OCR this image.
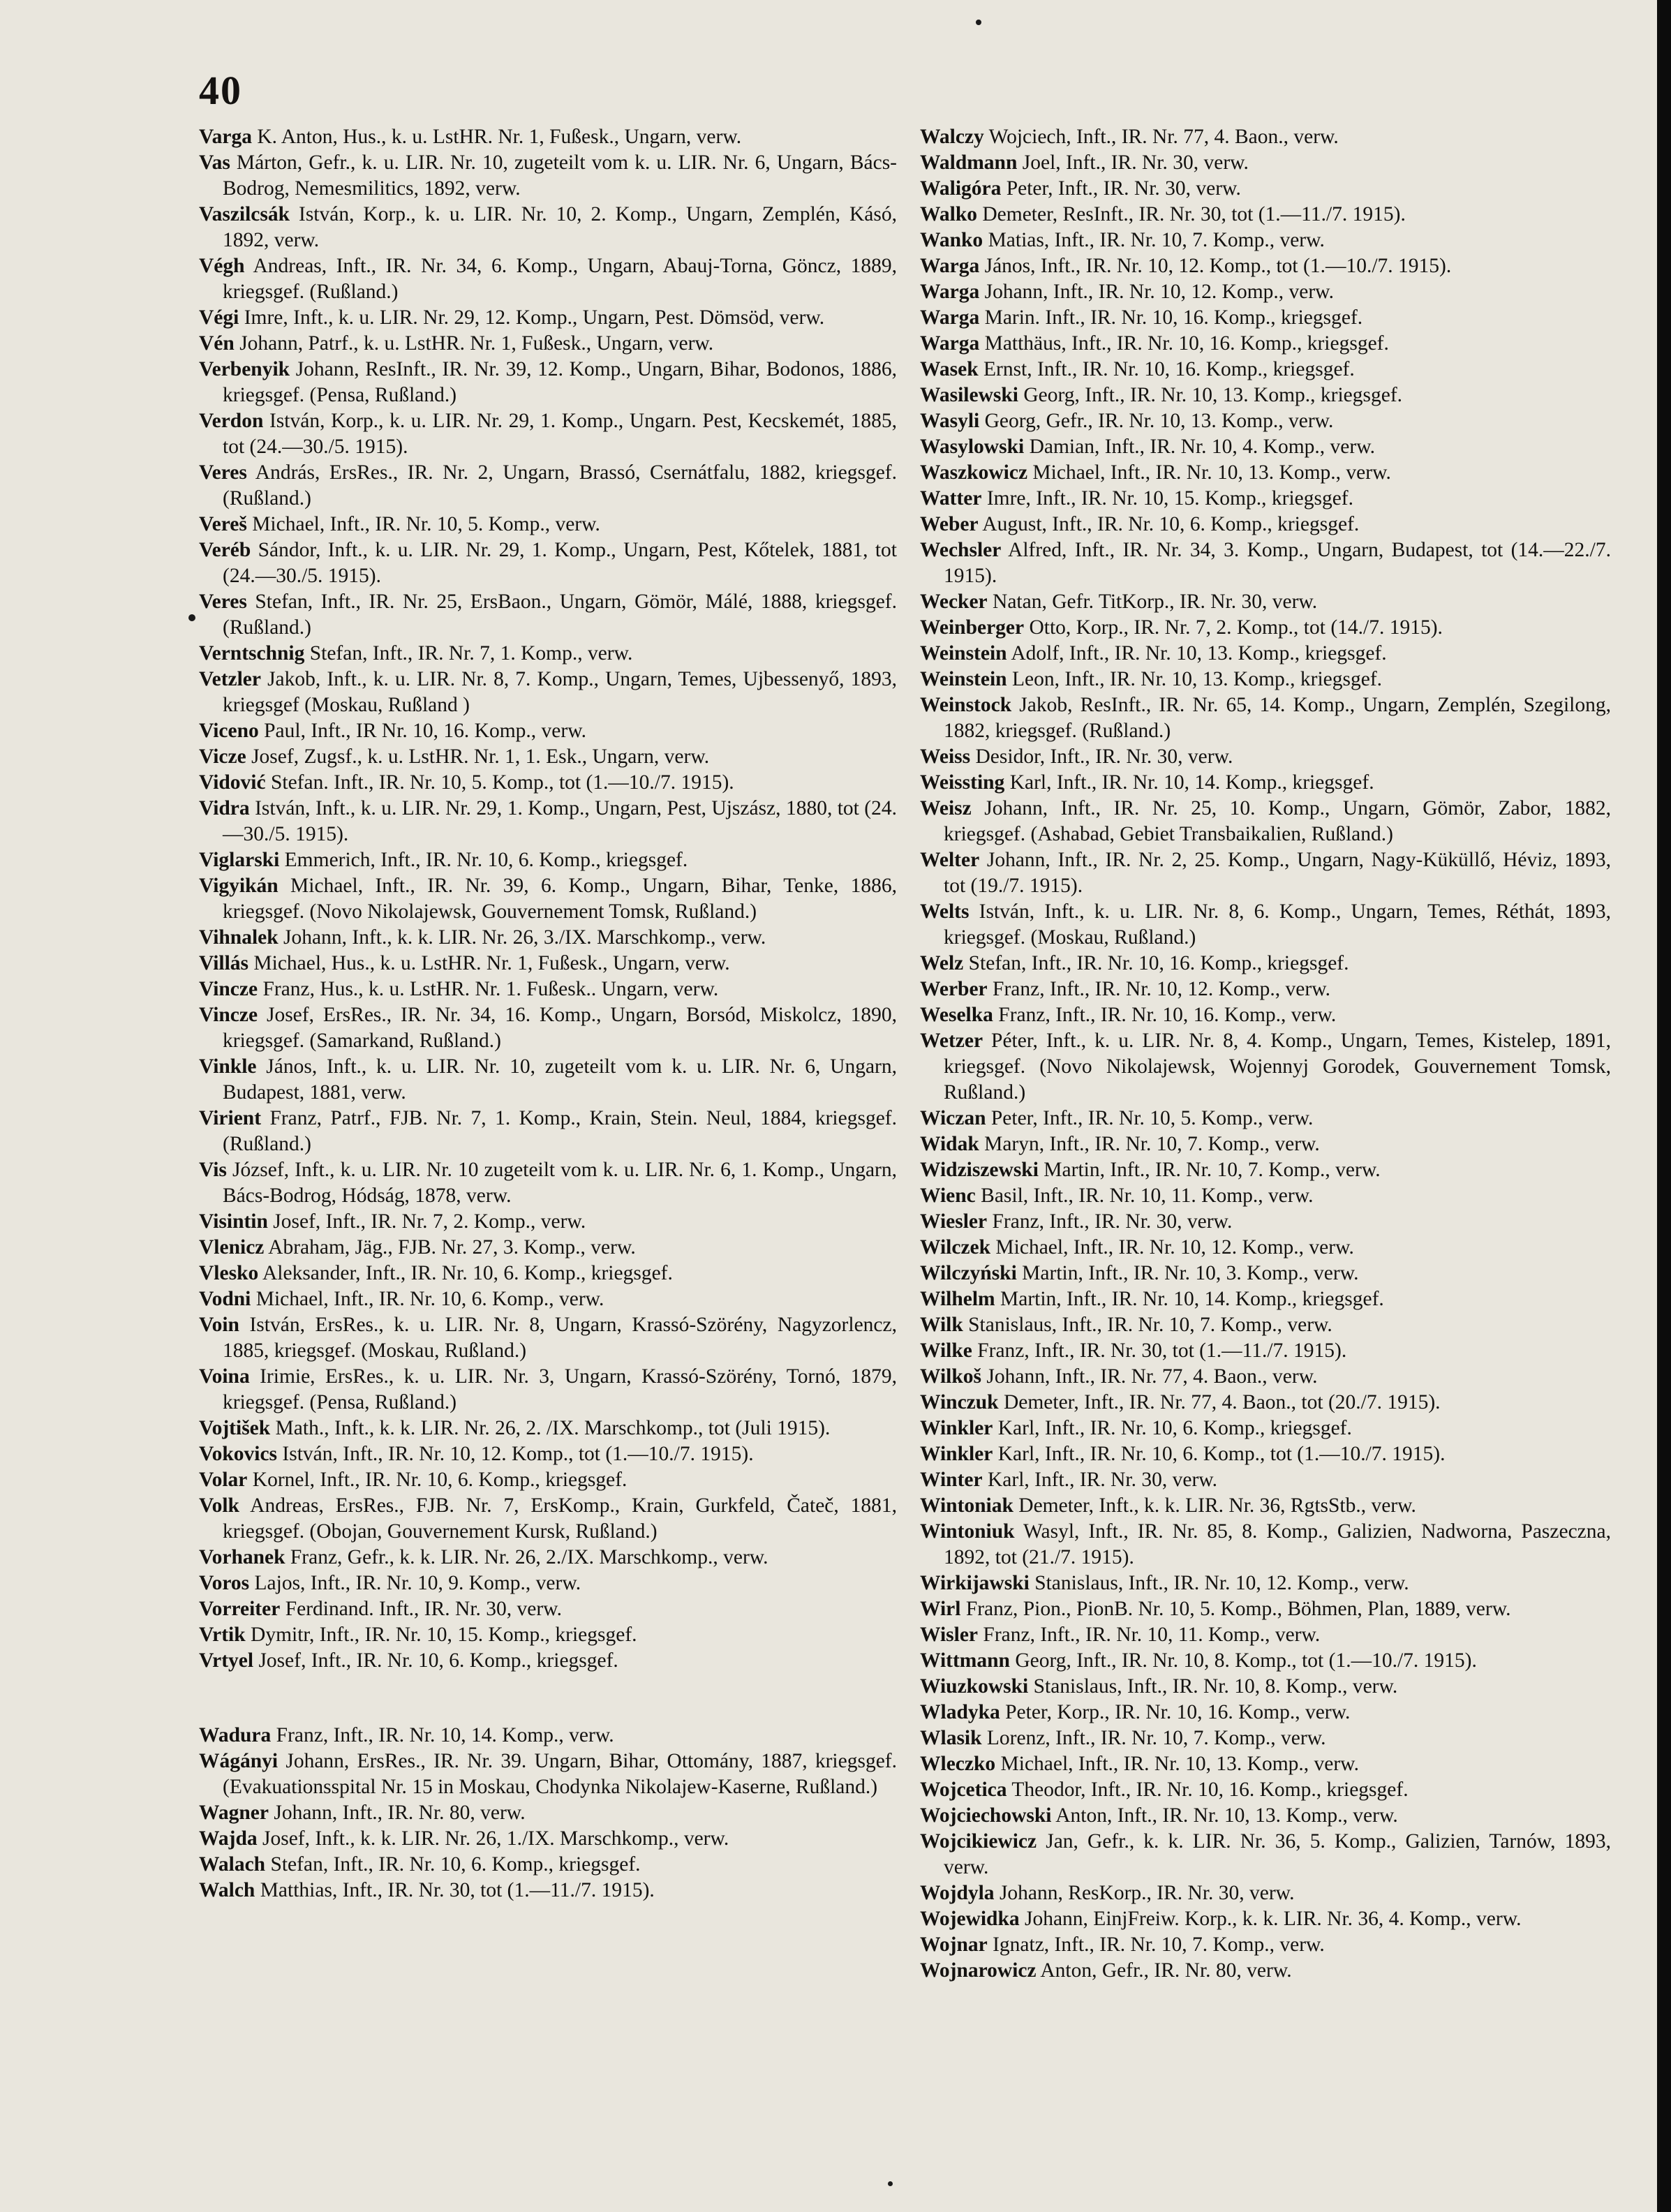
40
Varga K. Anton, Hus., k. u. LstHR. Nr. 1, Fußesk., Ungarn, verw.
Vas Márton, Gefr., k. u. LIR. Nr. 10, zugeteilt vom k. u. LIR. Nr. 6, Ungarn, Bács-Bodrog, Nemesmilitics, 1892, verw.
Vaszilcsák István, Korp., k. u. LIR. Nr. 10, 2. Komp., Ungarn, Zemplén, Kásó, 1892, verw.
Végh Andreas, Inft., IR. Nr. 34, 6. Komp., Ungarn, Abauj-Torna, Göncz, 1889, kriegsgef. (Rußland.)
Végi Imre, Inft., k. u. LIR. Nr. 29, 12. Komp., Ungarn, Pest. Dömsöd, verw.
Vén Johann, Patrf., k. u. LstHR. Nr. 1, Fußesk., Ungarn, verw.
Verbenyik Johann, ResInft., IR. Nr. 39, 12. Komp., Ungarn, Bihar, Bodonos, 1886, kriegsgef. (Pensa, Rußland.)
Verdon István, Korp., k. u. LIR. Nr. 29, 1. Komp., Ungarn. Pest, Kecskemét, 1885, tot (24.—30./5. 1915).
Veres András, ErsRes., IR. Nr. 2, Ungarn, Brassó, Csernátfalu, 1882, kriegsgef. (Rußland.)
Vereš Michael, Inft., IR. Nr. 10, 5. Komp., verw.
Veréb Sándor, Inft., k. u. LIR. Nr. 29, 1. Komp., Ungarn, Pest, Kőtelek, 1881, tot (24.—30./5. 1915).
Veres Stefan, Inft., IR. Nr. 25, ErsBaon., Ungarn, Gömör, Málé, 1888, kriegsgef. (Rußland.)
Verntschnig Stefan, Inft., IR. Nr. 7, 1. Komp., verw.
Vetzler Jakob, Inft., k. u. LIR. Nr. 8, 7. Komp., Ungarn, Temes, Ujbessenyő, 1893, kriegsgef (Moskau, Rußland )
Viceno Paul, Inft., IR Nr. 10, 16. Komp., verw.
Vicze Josef, Zugsf., k. u. LstHR. Nr. 1, 1. Esk., Ungarn, verw.
Vidović Stefan. Inft., IR. Nr. 10, 5. Komp., tot (1.—10./7. 1915).
Vidra István, Inft., k. u. LIR. Nr. 29, 1. Komp., Ungarn, Pest, Ujszász, 1880, tot (24.—30./5. 1915).
Viglarski Emmerich, Inft., IR. Nr. 10, 6. Komp., kriegsgef.
Vigyikán Michael, Inft., IR. Nr. 39, 6. Komp., Ungarn, Bihar, Tenke, 1886, kriegsgef. (Novo Nikolajewsk, Gouvernement Tomsk, Rußland.)
Vihnalek Johann, Inft., k. k. LIR. Nr. 26, 3./IX. Marschkomp., verw.
Villás Michael, Hus., k. u. LstHR. Nr. 1, Fußesk., Ungarn, verw.
Vincze Franz, Hus., k. u. LstHR. Nr. 1. Fußesk.. Ungarn, verw.
Vincze Josef, ErsRes., IR. Nr. 34, 16. Komp., Ungarn, Borsód, Miskolcz, 1890, kriegsgef. (Samarkand, Rußland.)
Vinkle János, Inft., k. u. LIR. Nr. 10, zugeteilt vom k. u. LIR. Nr. 6, Ungarn, Budapest, 1881, verw.
Virient Franz, Patrf., FJB. Nr. 7, 1. Komp., Krain, Stein. Neul, 1884, kriegsgef. (Rußland.)
Vis József, Inft., k. u. LIR. Nr. 10 zugeteilt vom k. u. LIR. Nr. 6, 1. Komp., Ungarn, Bács-Bodrog, Hódság, 1878, verw.
Visintin Josef, Inft., IR. Nr. 7, 2. Komp., verw.
Vlenicz Abraham, Jäg., FJB. Nr. 27, 3. Komp., verw.
Vlesko Aleksander, Inft., IR. Nr. 10, 6. Komp., kriegsgef.
Vodni Michael, Inft., IR. Nr. 10, 6. Komp., verw.
Voin István, ErsRes., k. u. LIR. Nr. 8, Ungarn, Krassó-Szörény, Nagyzorlencz, 1885, kriegsgef. (Moskau, Rußland.)
Voina Irimie, ErsRes., k. u. LIR. Nr. 3, Ungarn, Krassó-Szörény, Tornó, 1879, kriegsgef. (Pensa, Rußland.)
Vojtišek Math., Inft., k. k. LIR. Nr. 26, 2. /IX. Marschkomp., tot (Juli 1915).
Vokovics István, Inft., IR. Nr. 10, 12. Komp., tot (1.—10./7. 1915).
Volar Kornel, Inft., IR. Nr. 10, 6. Komp., kriegsgef.
Volk Andreas, ErsRes., FJB. Nr. 7, ErsKomp., Krain, Gurkfeld, Čateč, 1881, kriegsgef. (Obojan, Gouvernement Kursk, Rußland.)
Vorhanek Franz, Gefr., k. k. LIR. Nr. 26, 2./IX. Marschkomp., verw.
Voros Lajos, Inft., IR. Nr. 10, 9. Komp., verw.
Vorreiter Ferdinand. Inft., IR. Nr. 30, verw.
Vrtik Dymitr, Inft., IR. Nr. 10, 15. Komp., kriegsgef.
Vrtyel Josef, Inft., IR. Nr. 10, 6. Komp., kriegsgef.
Wadura Franz, Inft., IR. Nr. 10, 14. Komp., verw.
Wágányi Johann, ErsRes., IR. Nr. 39. Ungarn, Bihar, Ottomány, 1887, kriegsgef. (Evakuationsspital Nr. 15 in Moskau, Chodynka Nikolajew-Kaserne, Rußland.)
Wagner Johann, Inft., IR. Nr. 80, verw.
Wajda Josef, Inft., k. k. LIR. Nr. 26, 1./IX. Marschkomp., verw.
Walach Stefan, Inft., IR. Nr. 10, 6. Komp., kriegsgef.
Walch Matthias, Inft., IR. Nr. 30, tot (1.—11./7. 1915).
Walczy Wojciech, Inft., IR. Nr. 77, 4. Baon., verw.
Waldmann Joel, Inft., IR. Nr. 30, verw.
Waligóra Peter, Inft., IR. Nr. 30, verw.
Walko Demeter, ResInft., IR. Nr. 30, tot (1.—11./7. 1915).
Wanko Matias, Inft., IR. Nr. 10, 7. Komp., verw.
Warga János, Inft., IR. Nr. 10, 12. Komp., tot (1.—10./7. 1915).
Warga Johann, Inft., IR. Nr. 10, 12. Komp., verw.
Warga Marin. Inft., IR. Nr. 10, 16. Komp., kriegsgef.
Warga Matthäus, Inft., IR. Nr. 10, 16. Komp., kriegsgef.
Wasek Ernst, Inft., IR. Nr. 10, 16. Komp., kriegsgef.
Wasilewski Georg, Inft., IR. Nr. 10, 13. Komp., kriegsgef.
Wasyli Georg, Gefr., IR. Nr. 10, 13. Komp., verw.
Wasylowski Damian, Inft., IR. Nr. 10, 4. Komp., verw.
Waszkowicz Michael, Inft., IR. Nr. 10, 13. Komp., verw.
Watter Imre, Inft., IR. Nr. 10, 15. Komp., kriegsgef.
Weber August, Inft., IR. Nr. 10, 6. Komp., kriegsgef.
Wechsler Alfred, Inft., IR. Nr. 34, 3. Komp., Ungarn, Budapest, tot (14.—22./7. 1915).
Wecker Natan, Gefr. TitKorp., IR. Nr. 30, verw.
Weinberger Otto, Korp., IR. Nr. 7, 2. Komp., tot (14./7. 1915).
Weinstein Adolf, Inft., IR. Nr. 10, 13. Komp., kriegsgef.
Weinstein Leon, Inft., IR. Nr. 10, 13. Komp., kriegsgef.
Weinstock Jakob, ResInft., IR. Nr. 65, 14. Komp., Ungarn, Zemplén, Szegilong, 1882, kriegsgef. (Rußland.)
Weiss Desidor, Inft., IR. Nr. 30, verw.
Weissting Karl, Inft., IR. Nr. 10, 14. Komp., kriegsgef.
Weisz Johann, Inft., IR. Nr. 25, 10. Komp., Ungarn, Gömör, Zabor, 1882, kriegsgef. (Ashabad, Gebiet Transbaikalien, Rußland.)
Welter Johann, Inft., IR. Nr. 2, 25. Komp., Ungarn, Nagy-Küküllő, Héviz, 1893, tot (19./7. 1915).
Welts István, Inft., k. u. LIR. Nr. 8, 6. Komp., Ungarn, Temes, Réthát, 1893, kriegsgef. (Moskau, Rußland.)
Welz Stefan, Inft., IR. Nr. 10, 16. Komp., kriegsgef.
Werber Franz, Inft., IR. Nr. 10, 12. Komp., verw.
Weselka Franz, Inft., IR. Nr. 10, 16. Komp., verw.
Wetzer Péter, Inft., k. u. LIR. Nr. 8, 4. Komp., Ungarn, Temes, Kistelep, 1891, kriegsgef. (Novo Nikolajewsk, Wojennyj Gorodek, Gouvernement Tomsk, Rußland.)
Wiczan Peter, Inft., IR. Nr. 10, 5. Komp., verw.
Widak Maryn, Inft., IR. Nr. 10, 7. Komp., verw.
Widziszewski Martin, Inft., IR. Nr. 10, 7. Komp., verw.
Wienc Basil, Inft., IR. Nr. 10, 11. Komp., verw.
Wiesler Franz, Inft., IR. Nr. 30, verw.
Wilczek Michael, Inft., IR. Nr. 10, 12. Komp., verw.
Wilczyński Martin, Inft., IR. Nr. 10, 3. Komp., verw.
Wilhelm Martin, Inft., IR. Nr. 10, 14. Komp., kriegsgef.
Wilk Stanislaus, Inft., IR. Nr. 10, 7. Komp., verw.
Wilke Franz, Inft., IR. Nr. 30, tot (1.—11./7. 1915).
Wilkoš Johann, Inft., IR. Nr. 77, 4. Baon., verw.
Winczuk Demeter, Inft., IR. Nr. 77, 4. Baon., tot (20./7. 1915).
Winkler Karl, Inft., IR. Nr. 10, 6. Komp., kriegsgef.
Winkler Karl, Inft., IR. Nr. 10, 6. Komp., tot (1.—10./7. 1915).
Winter Karl, Inft., IR. Nr. 30, verw.
Wintoniak Demeter, Inft., k. k. LIR. Nr. 36, RgtsStb., verw.
Wintoniuk Wasyl, Inft., IR. Nr. 85, 8. Komp., Galizien, Nadworna, Paszeczna, 1892, tot (21./7. 1915).
Wirkijawski Stanislaus, Inft., IR. Nr. 10, 12. Komp., verw.
Wirl Franz, Pion., PionB. Nr. 10, 5. Komp., Böhmen, Plan, 1889, verw.
Wisler Franz, Inft., IR. Nr. 10, 11. Komp., verw.
Wittmann Georg, Inft., IR. Nr. 10, 8. Komp., tot (1.—10./7. 1915).
Wiuzkowski Stanislaus, Inft., IR. Nr. 10, 8. Komp., verw.
Wladyka Peter, Korp., IR. Nr. 10, 16. Komp., verw.
Wlasik Lorenz, Inft., IR. Nr. 10, 7. Komp., verw.
Wleczko Michael, Inft., IR. Nr. 10, 13. Komp., verw.
Wojcetica Theodor, Inft., IR. Nr. 10, 16. Komp., kriegsgef.
Wojciechowski Anton, Inft., IR. Nr. 10, 13. Komp., verw.
Wojcikiewicz Jan, Gefr., k. k. LIR. Nr. 36, 5. Komp., Galizien, Tarnów, 1893, verw.
Wojdyla Johann, ResKorp., IR. Nr. 30, verw.
Wojewidka Johann, EinjFreiw. Korp., k. k. LIR. Nr. 36, 4. Komp., verw.
Wojnar Ignatz, Inft., IR. Nr. 10, 7. Komp., verw.
Wojnarowicz Anton, Gefr., IR. Nr. 80, verw.
